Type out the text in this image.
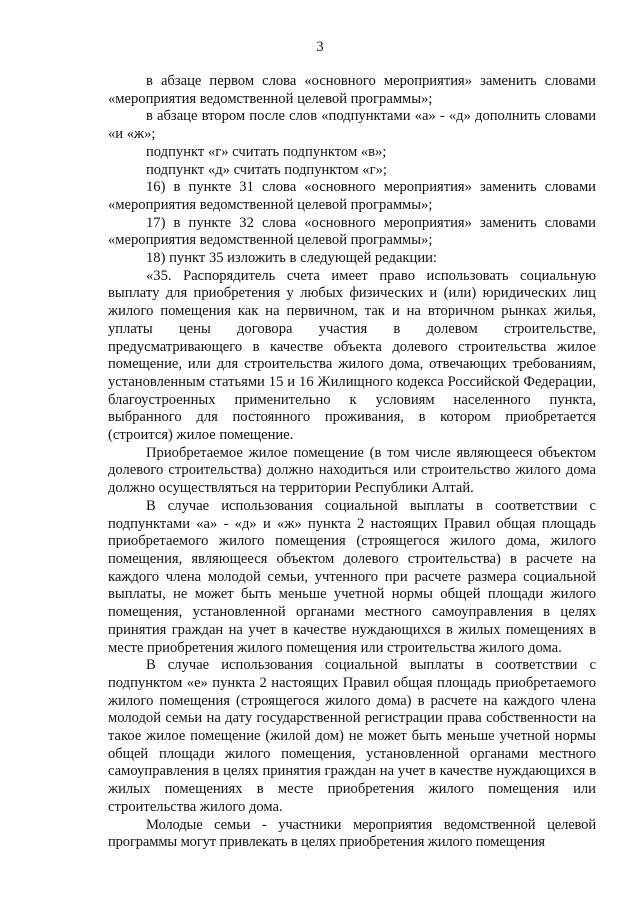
3

в абзаце первом слова «основного мероприятия» заменить словами «мероприятия ведомственной целевой программы»;

в абзаце втором после слов «подпунктами «а» - «д» дополнить словами «и «ж»;

подпункт «г» считать подпунктом «в»;

подпункт «д» считать подпунктом «г»;

16) в пункте 31 слова «основного мероприятия» заменить словами «мероприятия ведомственной целевой программы»;

17) в пункте 32 слова «основного мероприятия» заменить словами «мероприятия ведомственной целевой программы»;

18) пункт 35 изложить в следующей редакции:

«35. Распорядитель счета имеет право использовать социальную выплату для приобретения у любых физических и (или) юридических лиц жилого помещения как на первичном, так и на вторичном рынках жилья, уплаты цены договора участия в долевом строительстве, предусматривающего в качестве объекта долевого строительства жилое помещение, или для строительства жилого дома, отвечающих требованиям, установленным статьями 15 и 16 Жилищного кодекса Российской Федерации, благоустроенных применительно к условиям населенного пункта, выбранного для постоянного проживания, в котором приобретается (строится) жилое помещение.

Приобретаемое жилое помещение (в том числе являющееся объектом долевого строительства) должно находиться или строительство жилого дома должно осуществляться на территории Республики Алтай.

В случае использования социальной выплаты в соответствии с подпунктами «а» - «д» и «ж» пункта 2 настоящих Правил общая площадь приобретаемого жилого помещения (строящегося жилого дома, жилого помещения, являющееся объектом долевого строительства) в расчете на каждого члена молодой семьи, учтенного при расчете размера социальной выплаты, не может быть меньше учетной нормы общей площади жилого помещения, установленной органами местного самоуправления в целях принятия граждан на учет в качестве нуждающихся в жилых помещениях в месте приобретения жилого помещения или строительства жилого дома.

В случае использования социальной выплаты в соответствии с подпунктом «е» пункта 2 настоящих Правил общая площадь приобретаемого жилого помещения (строящегося жилого дома) в расчете на каждого члена молодой семьи на дату государственной регистрации права собственности на такое жилое помещение (жилой дом) не может быть меньше учетной нормы общей площади жилого помещения, установленной органами местного самоуправления в целях принятия граждан на учет в качестве нуждающихся в жилых помещениях в месте приобретения жилого помещения или строительства жилого дома.

Молодые семьи - участники мероприятия ведомственной целевой программы могут привлекать в целях приобретения жилого помещения
